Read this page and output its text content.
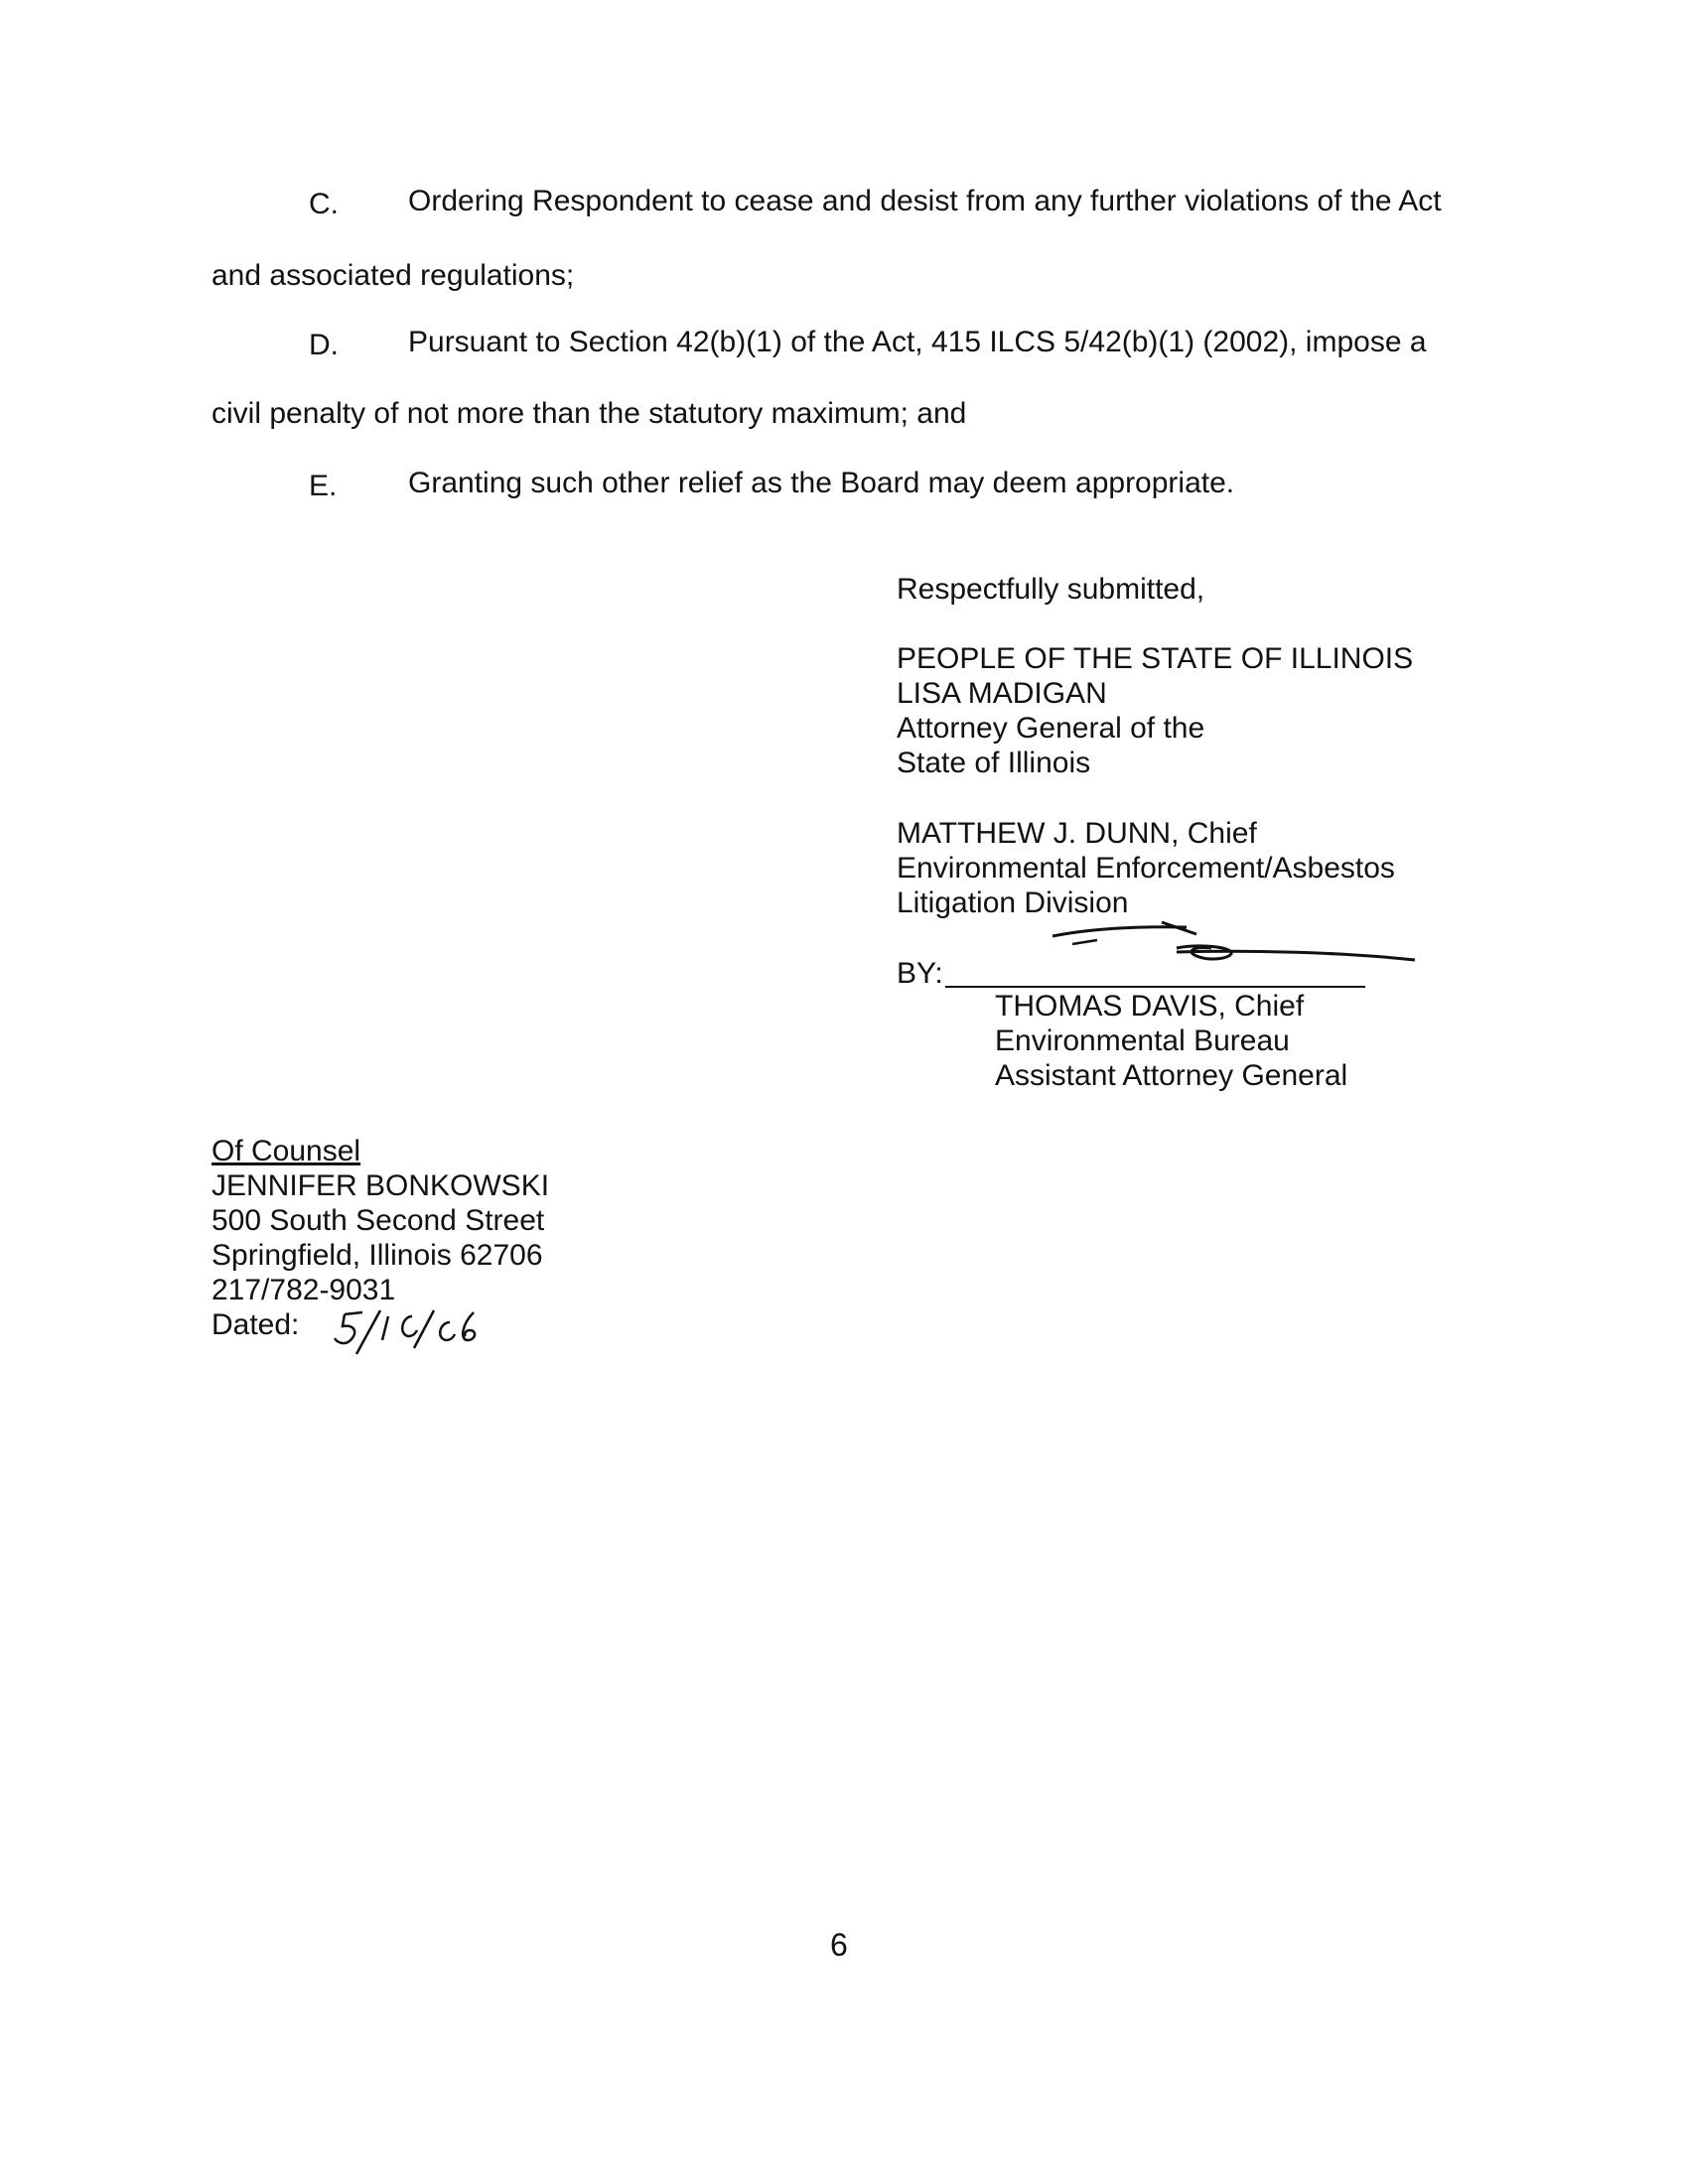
C. Ordering Respondent to cease and desist from any further violations of the Act
and associated regulations;
D. Pursuant to Section 42(b)(1) of the Act, 415 ILCS 5/42(b)(1) (2002), impose a
civil penalty of not more than the statutory maximum; and
E. Granting such other relief as the Board may deem appropriate.
Respectfully submitted,
PEOPLE OF THE STATE OF ILLINOIS
LISA MADIGAN
Attorney General of the
State of Illinois
MATTHEW J. DUNN, Chief
Environmental Enforcement/Asbestos
Litigation Division
BY:
THOMAS DAVIS, Chief
Environmental Bureau
Assistant Attorney General
Of Counsel
JENNIFER BONKOWSKI
500 South Second Street
Springfield, Illinois 62706
217/782-9031
Dated:
6
